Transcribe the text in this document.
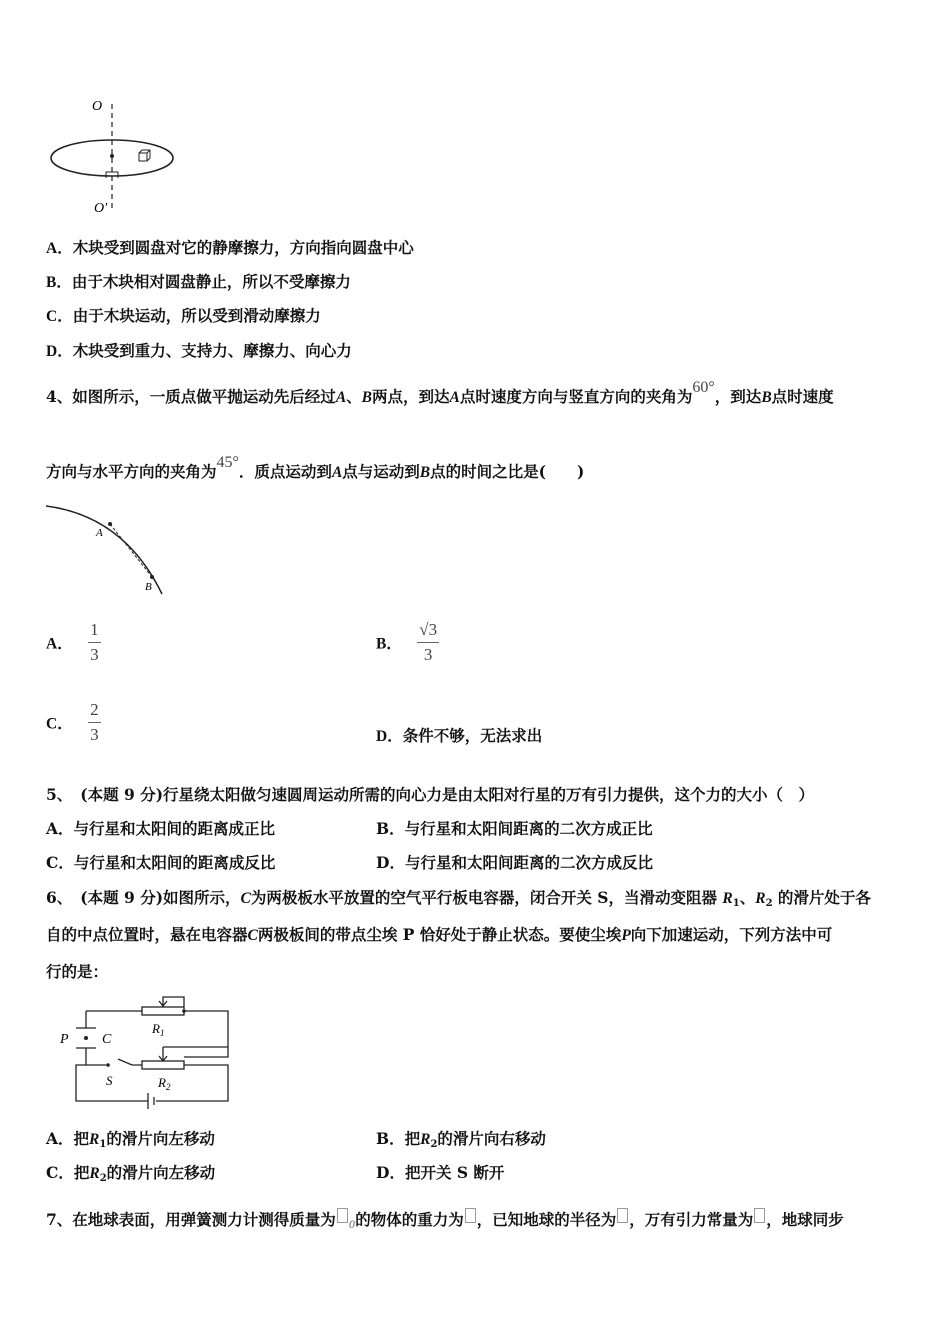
O
O′
A．木块受到圆盘对它的静摩擦力，方向指向圆盘中心
B．由于木块相对圆盘静止，所以不受摩擦力
C．由于木块运动，所以受到滑动摩擦力
D．木块受到重力、支持力、摩擦力、向心力
4、如图所示，一质点做平抛运动先后经过A、B两点，到达A点时速度方向与竖直方向的夹角为60°，到达B点时速度
方向与水平方向的夹角为45°．质点运动到A点与运动到B点的时间之比是(　　)
A
B
A． $\frac{1}{3}$	B． $\frac{√3}{3}$
C． $\frac{2}{3}$	D．条件不够，无法求出
5、 (本题 9 分)行星绕太阳做匀速圆周运动所需的向心力是由太阳对行星的万有引力提供，这个力的大小（　）
A．与行星和太阳间的距离成正比	B．与行星和太阳间距离的二次方成正比
C．与行星和太阳间的距离成反比	D．与行星和太阳间距离的二次方成反比
6、 (本题 9 分)如图所示，C为两极板水平放置的空气平行板电容器，闭合开关 S，当滑动变阻器 $R_1$、$R_2$ 的滑片处于各
自的中点位置时，悬在电容器C两极板间的带点尘埃 P 恰好处于静止状态。要使尘埃P向下加速运动，下列方法中可
行的是：
P C
S
$R_1$
$R_2$
A．把$R_1$的滑片向左移动	B．把$R_2$的滑片向右移动
C．把$R_2$的滑片向左移动	D．把开关 S 断开
7、在地球表面，用弹簧测力计测得质量为 $_0$的物体的重力为 ，已知地球的半径为 ，万有引力常量为 ，地球同步
